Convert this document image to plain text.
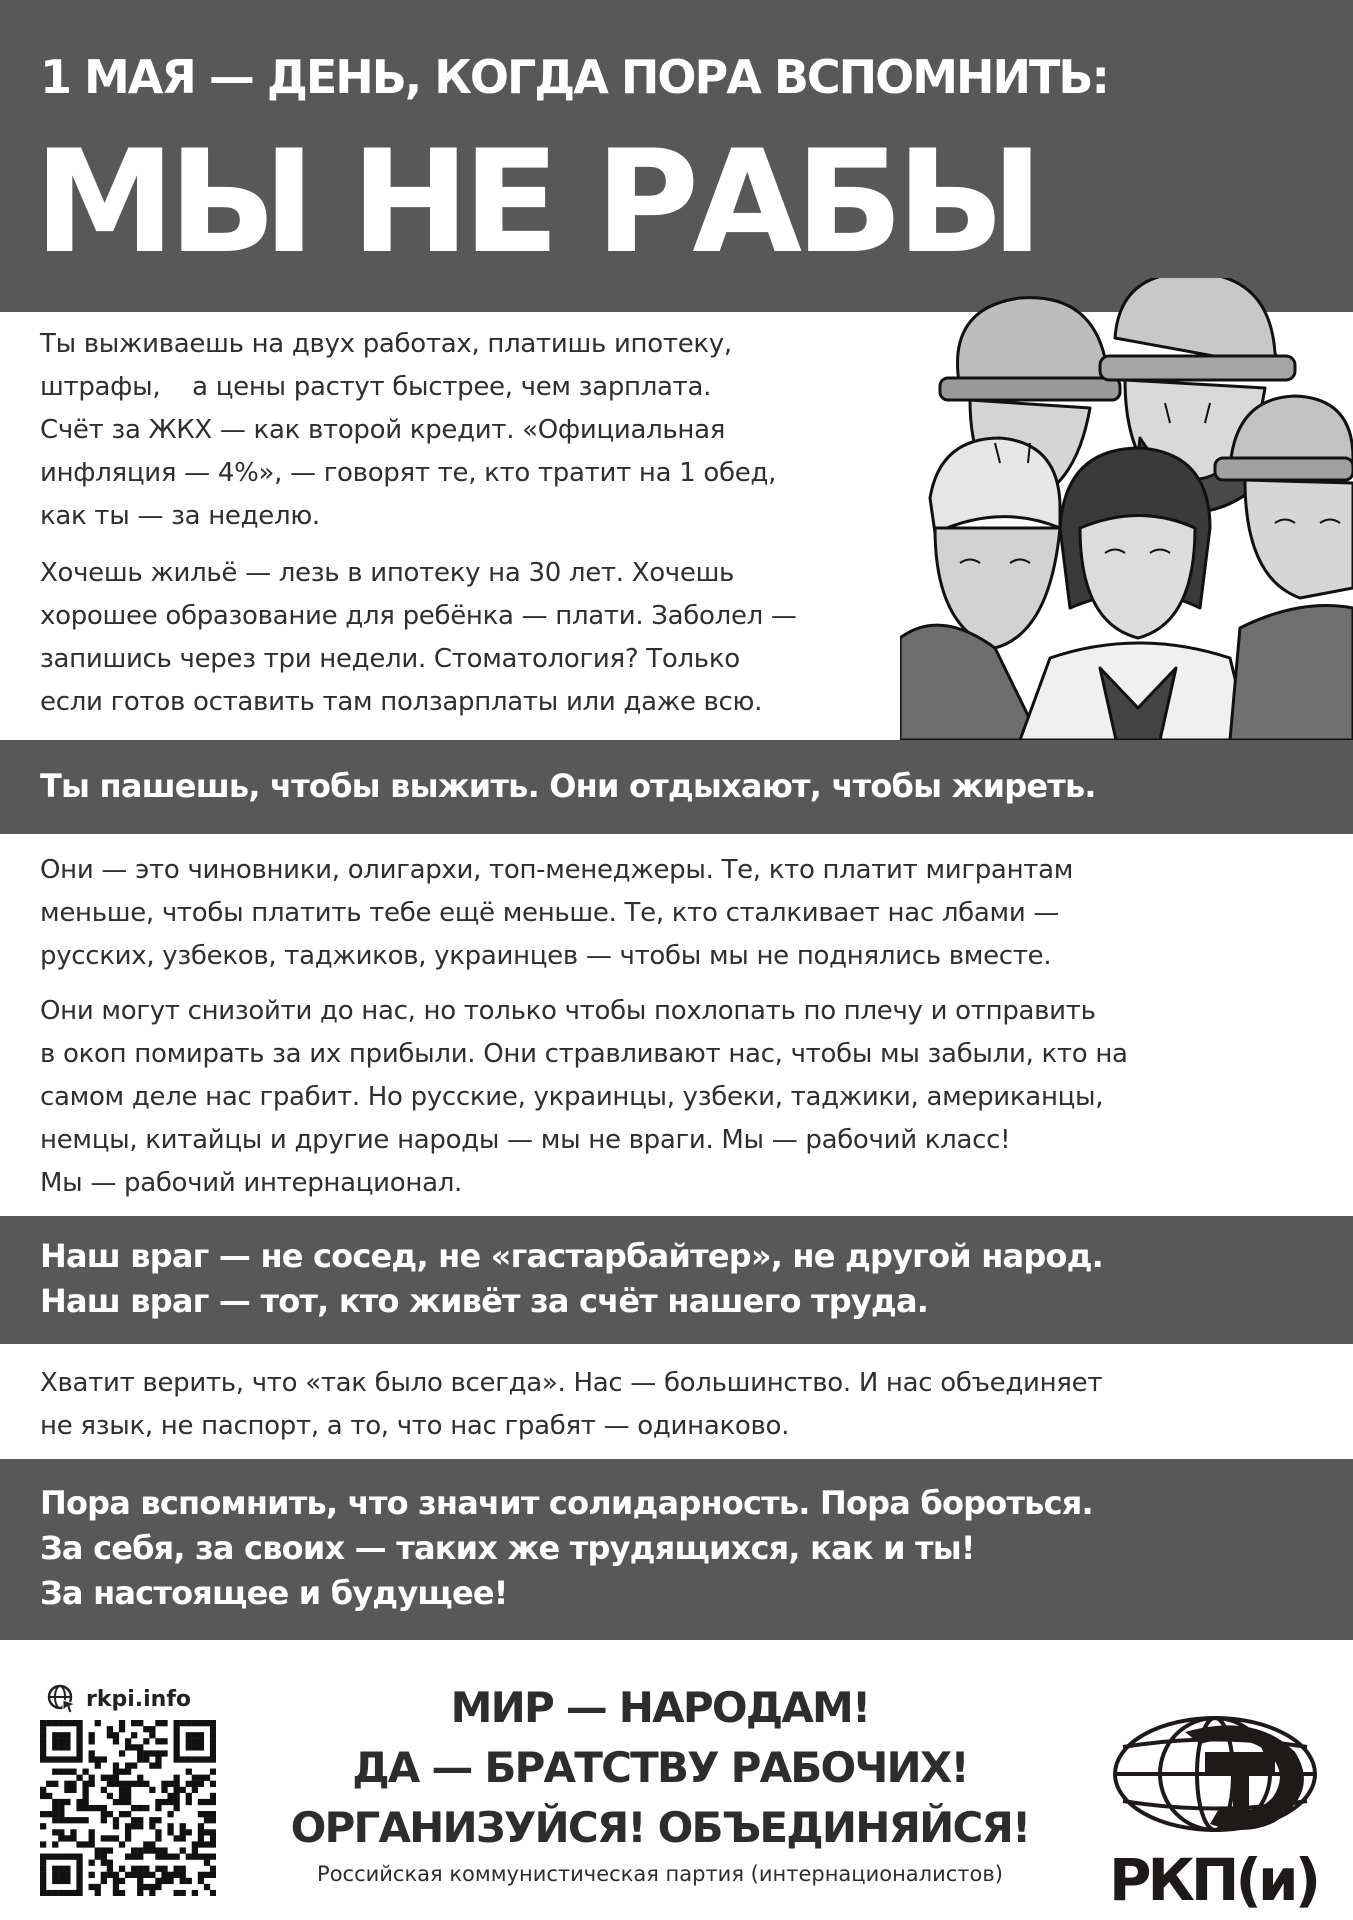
1 МАЯ — ДЕНЬ, КОГДА ПОРА ВСПОМНИТЬ:
МЫ НЕ РАБЫ
Ты выживаешь на двух работах, платишь ипотеку,
штрафы,    а цены растут быстрее, чем зарплата.
Счёт за ЖКХ — как второй кредит. «Официальная
инфляция — 4%», — говорят те, кто тратит на 1 обед,
как ты — за неделю.
Хочешь жильё — лезь в ипотеку на 30 лет. Хочешь
хорошее образование для ребёнка — плати. Заболел —
запишись через три недели. Стоматология? Только
если готов оставить там ползарплаты или даже всю.
Ты пашешь, чтобы выжить. Они отдыхают, чтобы жиреть.
Они — это чиновники, олигархи, топ-менеджеры. Те, кто платит мигрантам
меньше, чтобы платить тебе ещё меньше. Те, кто сталкивает нас лбами —
русских, узбеков, таджиков, украинцев — чтобы мы не поднялись вместе.
Они могут снизойти до нас, но только чтобы похлопать по плечу и отправить
в окоп помирать за их прибыли. Они стравливают нас, чтобы мы забыли, кто на
самом деле нас грабит. Но русские, украинцы, узбеки, таджики, американцы,
немцы, китайцы и другие народы — мы не враги. Мы — рабочий класс!
Мы — рабочий интернационал.
Наш враг — не сосед, не «гастарбайтер», не другой народ.
Наш враг — тот, кто живёт за счёт нашего труда.
Хватит верить, что «так было всегда». Нас — большинство. И нас объединяет
не язык, не паспорт, а то, что нас грабят — одинаково.
Пора вспомнить, что значит солидарность. Пора бороться.
За себя, за своих — таких же трудящихся, как и ты!
За настоящее и будущее!
rkpi.info	МИР — НАРОДАМ!
ДА — БРАТСТВУ РАБОЧИХ!
ОРГАНИЗУЙСЯ! ОБЪЕДИНЯЙСЯ!
Российская коммунистическая партия (интернационалистов)	РКП(и)
